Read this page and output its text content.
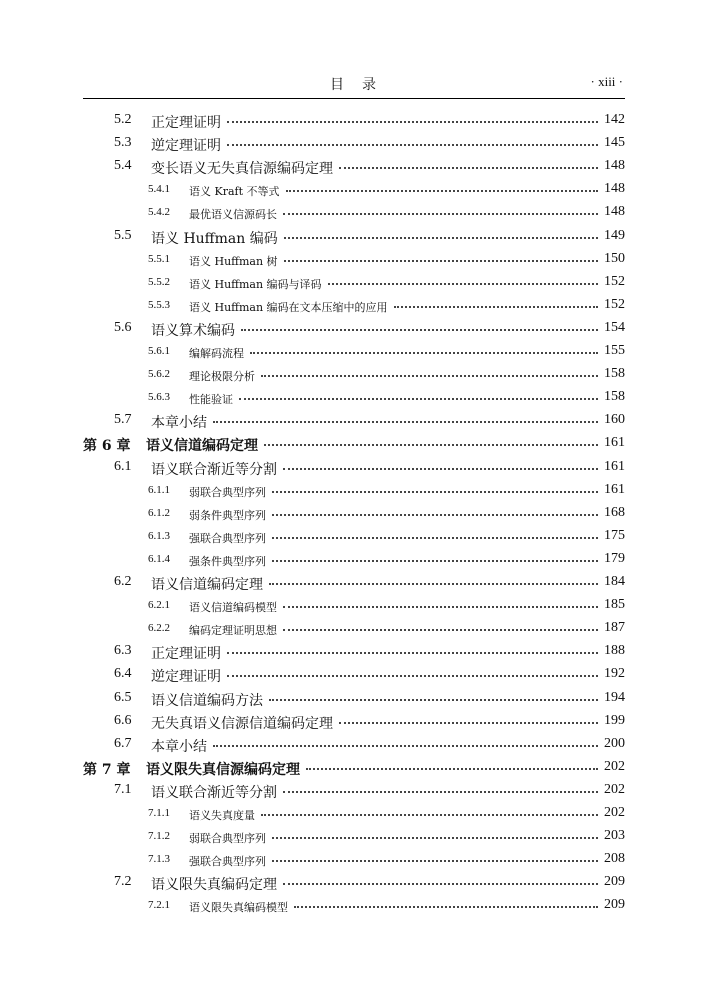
目　录	· xiii ·
5.2 正定理证明	142
5.3 逆定理证明	145
5.4 变长语义无失真信源编码定理	148
5.4.1 语义 Kraft 不等式	148
5.4.2 最优语义信源码长	148
5.5 语义 Huffman 编码	149
5.5.1 语义 Huffman 树	150
5.5.2 语义 Huffman 编码与译码	152
5.5.3 语义 Huffman 编码在文本压缩中的应用	152
5.6 语义算术编码	154
5.6.1 编解码流程	155
5.6.2 理论极限分析	158
5.6.3 性能验证	158
5.7 本章小结	160
第 6 章 语义信道编码定理	161
6.1 语义联合渐近等分割	161
6.1.1 弱联合典型序列	161
6.1.2 弱条件典型序列	168
6.1.3 强联合典型序列	175
6.1.4 强条件典型序列	179
6.2 语义信道编码定理	184
6.2.1 语义信道编码模型	185
6.2.2 编码定理证明思想	187
6.3 正定理证明	188
6.4 逆定理证明	192
6.5 语义信道编码方法	194
6.6 无失真语义信源信道编码定理	199
6.7 本章小结	200
第 7 章 语义限失真信源编码定理	202
7.1 语义联合渐近等分割	202
7.1.1 语义失真度量	202
7.1.2 弱联合典型序列	203
7.1.3 强联合典型序列	208
7.2 语义限失真编码定理	209
7.2.1 语义限失真编码模型	209
